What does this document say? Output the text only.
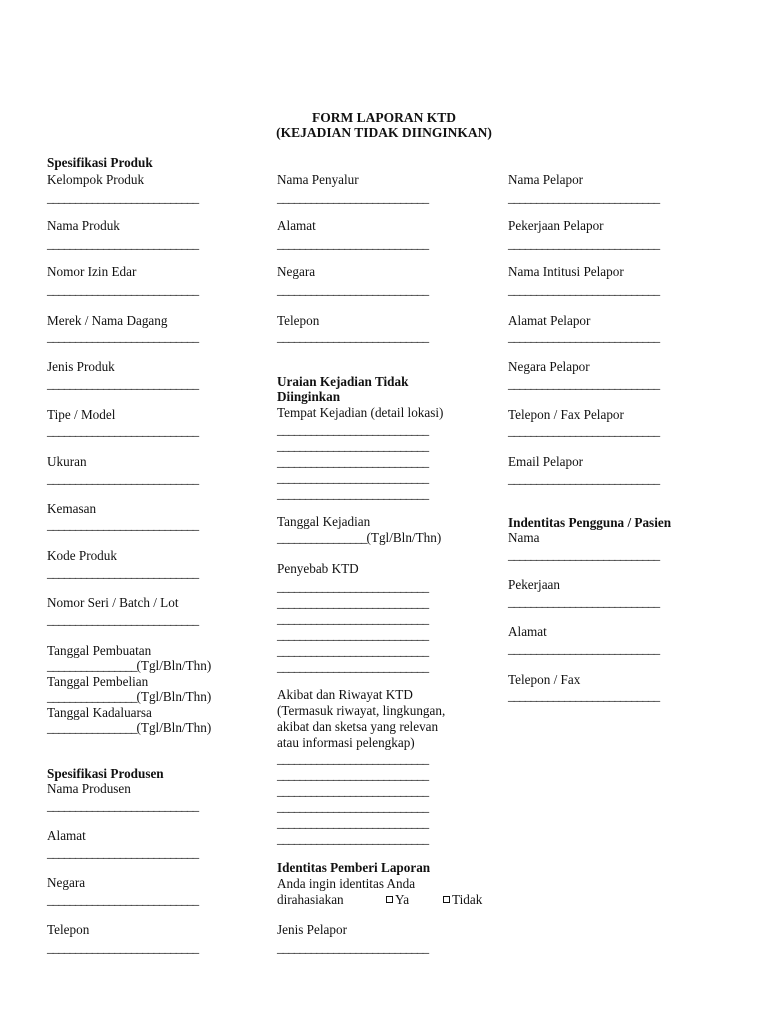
FORM LAPORAN KTD
(KEJADIAN TIDAK DIINGINKAN)

Spesifikasi Produk

Kelompok Produk

___________________________

Nama Produk

___________________________

Nomor Izin Edar

___________________________

Merek / Nama Dagang

___________________________

Jenis Produk

___________________________

Tipe / Model

___________________________

Ukuran

___________________________

Kemasan

___________________________

Kode Produk

___________________________

Nomor Seri / Batch / Lot

___________________________

Tanggal Pembuatan

________________(Tgl/Bln/Thn)

Tanggal Pembelian

________________(Tgl/Bln/Thn)

Tanggal Kadaluarsa

________________(Tgl/Bln/Thn)

Spesifikasi Produsen

Nama Produsen

___________________________

Alamat

___________________________

Negara

___________________________

Telepon

___________________________

Nama Penyalur

___________________________

Alamat

___________________________

Negara

___________________________

Telepon

___________________________

Uraian Kejadian Tidak

Diinginkan

Tempat Kejadian (detail lokasi)

___________________________

___________________________

___________________________

___________________________

___________________________

Tanggal Kejadian

________________(Tgl/Bln/Thn)

Penyebab KTD

___________________________

___________________________

___________________________

___________________________

___________________________

___________________________

Akibat dan Riwayat KTD

(Termasuk riwayat, lingkungan,

akibat dan sketsa yang relevan

atau informasi pelengkap)

___________________________

___________________________

___________________________

___________________________

___________________________

___________________________

Identitas Pemberi Laporan

Anda ingin identitas Anda

dirahasiakan	Ya	Tidak

Jenis Pelapor

___________________________

Nama Pelapor

___________________________

Pekerjaan Pelapor

___________________________

Nama Intitusi Pelapor

___________________________

Alamat Pelapor

___________________________

Negara Pelapor

___________________________

Telepon / Fax Pelapor

___________________________

Email Pelapor

___________________________

Indentitas Pengguna / Pasien

Nama

___________________________

Pekerjaan

___________________________

Alamat

___________________________

Telepon / Fax

___________________________
